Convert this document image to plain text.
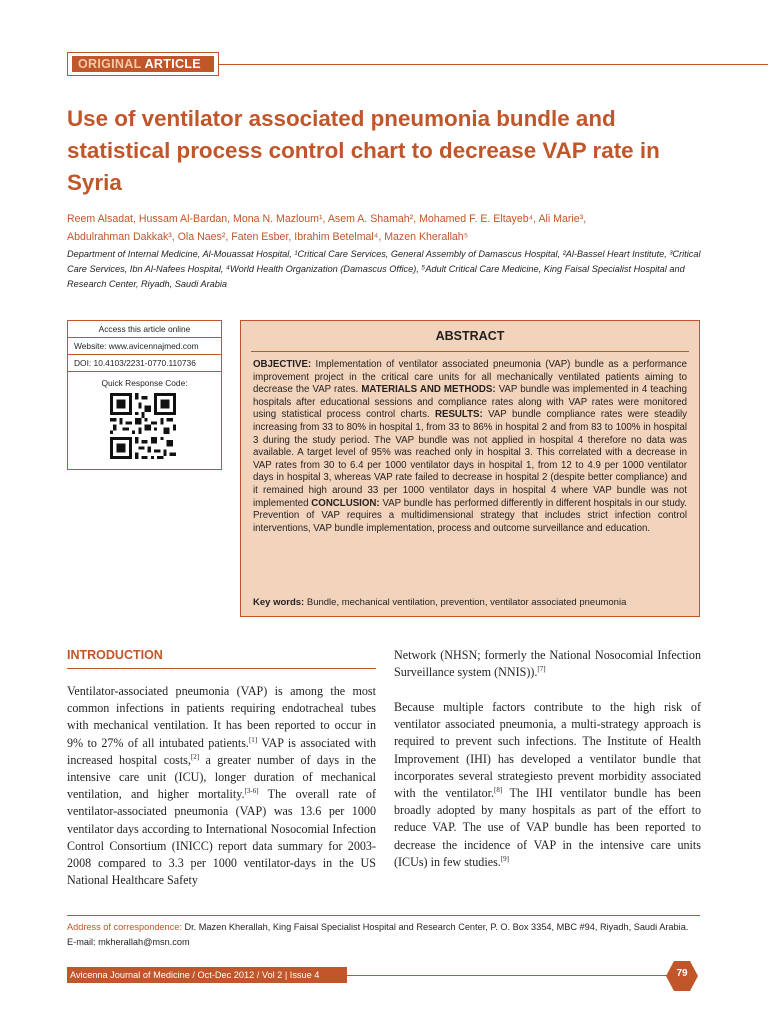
ORIGINAL ARTICLE
Use of ventilator associated pneumonia bundle and statistical process control chart to decrease VAP rate in Syria
Reem Alsadat, Hussam Al-Bardan, Mona N. Mazloum¹, Asem A. Shamah², Mohamed F. E. Eltayeb⁴, Ali Marie³,
Abdulrahman Dakkak³, Ola Naes², Faten Esber, Ibrahim Betelmal⁴, Mazen Kherallah⁵
Department of Internal Medicine, Al-Mouassat Hospital, ¹Critical Care Services, General Assembly of Damascus Hospital, ²Al-Bassel Heart Institute, ³Critical Care Services, Ibn Al-Nafees Hospital, ⁴World Health Organization (Damascus Office), ⁵Adult Critical Care Medicine, King Faisal Specialist Hospital and Research Center, Riyadh, Saudi Arabia
Access this article online
Website: www.avicennajmed.com
DOI: 10.4103/2231-0770.110736
Quick Response Code:
ABSTRACT
OBJECTIVE: Implementation of ventilator associated pneumonia (VAP) bundle as a performance improvement project in the critical care units for all mechanically ventilated patients aiming to decrease the VAP rates. MATERIALS AND METHODS: VAP bundle was implemented in 4 teaching hospitals after educational sessions and compliance rates along with VAP rates were monitored using statistical process control charts. RESULTS: VAP bundle compliance rates were steadily increasing from 33 to 80% in hospital 1, from 33 to 86% in hospital 2 and from 83 to 100% in hospital 3 during the study period. The VAP bundle was not applied in hospital 4 therefore no data was available. A target level of 95% was reached only in hospital 3. This correlated with a decrease in VAP rates from 30 to 6.4 per 1000 ventilator days in hospital 1, from 12 to 4.9 per 1000 ventilator days in hospital 3, whereas VAP rate failed to decrease in hospital 2 (despite better compliance) and it remained high around 33 per 1000 ventilator days in hospital 4 where VAP bundle was not implemented CONCLUSION: VAP bundle has performed differently in different hospitals in our study. Prevention of VAP requires a multidimensional strategy that includes strict infection control interventions, VAP bundle implementation, process and outcome surveillance and education.
Key words: Bundle, mechanical ventilation, prevention, ventilator associated pneumonia
INTRODUCTION
Ventilator-associated pneumonia (VAP) is among the most common infections in patients requiring endotracheal tubes with mechanical ventilation. It has been reported to occur in 9% to 27% of all intubated patients.[1] VAP is associated with increased hospital costs,[2] a greater number of days in the intensive care unit (ICU), longer duration of mechanical ventilation, and higher mortality.[3-6] The overall rate of ventilator-associated pneumonia (VAP) was 13.6 per 1000 ventilator days according to International Nosocomial Infection Control Consortium (INICC) report data summary for 2003-2008 compared to 3.3 per 1000 ventilator-days in the US National Healthcare Safety
Network (NHSN; formerly the National Nosocomial Infection Surveillance system (NNIS)).[7]
Because multiple factors contribute to the high risk of ventilator associated pneumonia, a multi-strategy approach is required to prevent such infections. The Institute of Health Improvement (IHI) has developed a ventilator bundle that incorporates several strategiesto prevent morbidity associated with the ventilator.[8] The IHI ventilator bundle has been broadly adopted by many hospitals as part of the effort to reduce VAP. The use of VAP bundle has been reported to decrease the incidence of VAP in the intensive care units (ICUs) in few studies.[9]
Address of correspondence: Dr. Mazen Kherallah, King Faisal Specialist Hospital and Research Center, P. O. Box 3354, MBC #94, Riyadh, Saudi Arabia. E-mail: mkherallah@msn.com
Avicenna Journal of Medicine / Oct-Dec 2012 / Vol 2 | Issue 4	79
